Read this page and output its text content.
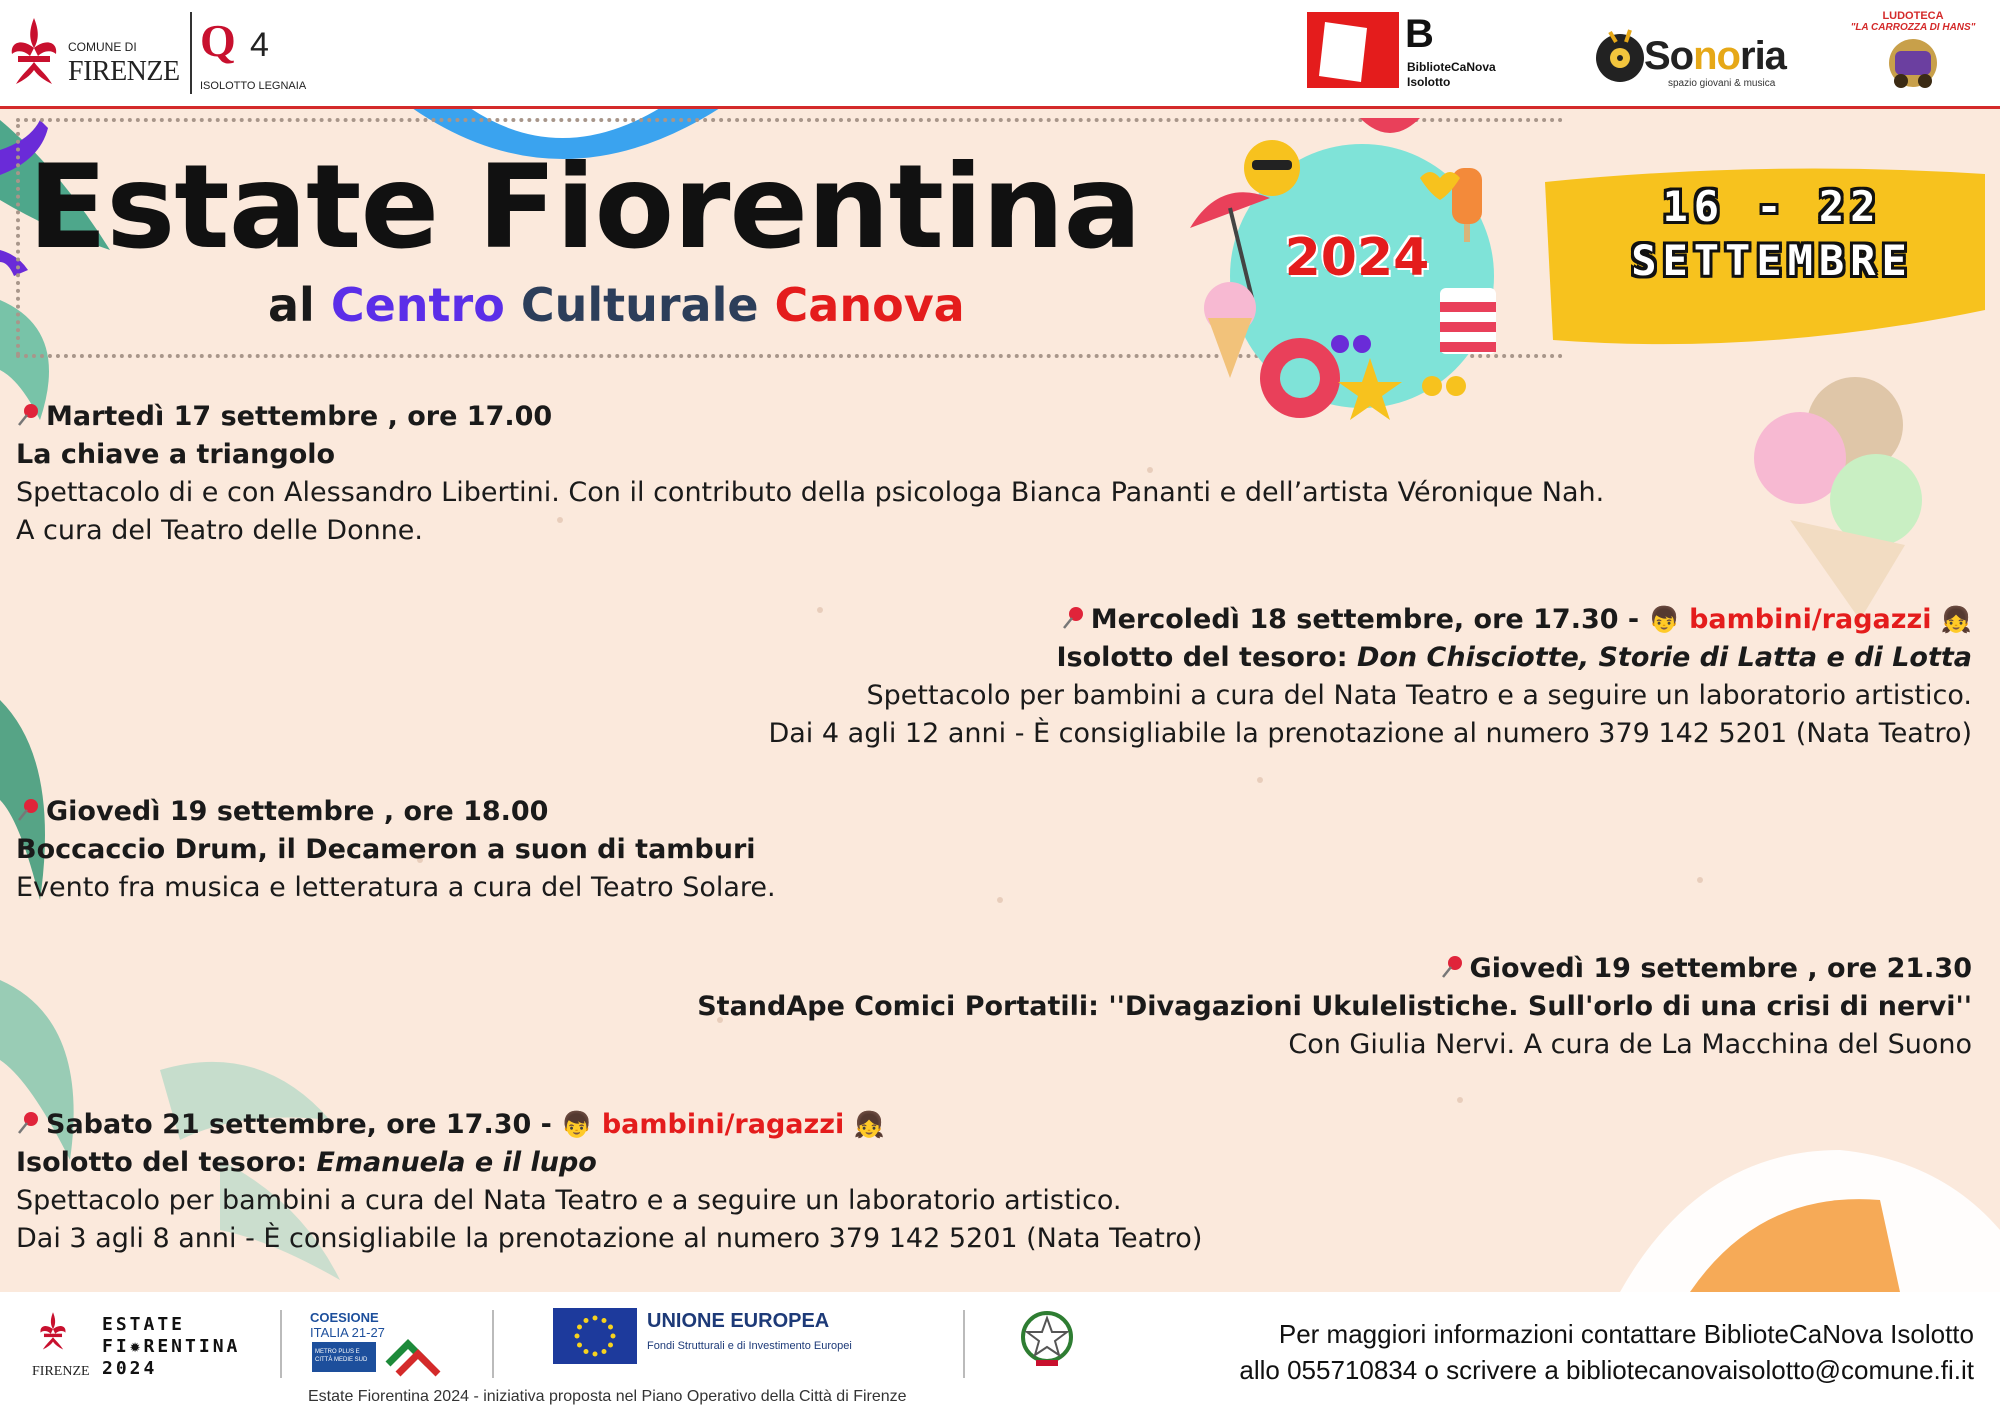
COMUNE DI
FIRENZE
Q 4
ISOLOTTO LEGNAIA
B
BiblioteCaNova
Isolotto
Sonoria
spazio giovani & musica
LUDOTECA
"LA CARROZZA DI HANS"
Estate Fiorentina
al Centro Culturale Canova
2024
16 - 22
SETTEMBRE
Martedì 17 settembre , ore 17.00
La chiave a triangolo
Spettacolo di e con Alessandro Libertini. Con il contributo della psicologa Bianca Pananti e dell’artista Véronique Nah.
A cura del Teatro delle Donne.
Mercoledì 18 settembre, ore 17.30 - 👦 bambini/ragazzi 👧
Isolotto del tesoro: Don Chisciotte, Storie di Latta e di Lotta
Spettacolo per bambini a cura del Nata Teatro e a seguire un laboratorio artistico.
Dai 4 agli 12 anni - È consigliabile la prenotazione al numero 379 142 5201 (Nata Teatro)
Giovedì 19 settembre , ore 18.00
Boccaccio Drum, il Decameron a suon di tamburi
Evento fra musica e letteratura a cura del Teatro Solare.
Giovedì 19 settembre , ore 21.30
StandApe Comici Portatili: ''Divagazioni Ukulelistiche. Sull'orlo di una crisi di nervi''
Con Giulia Nervi. A cura de La Macchina del Suono
Sabato 21 settembre, ore 17.30 - 👦 bambini/ragazzi 👧
Isolotto del tesoro: Emanuela e il lupo
Spettacolo per bambini a cura del Nata Teatro e a seguire un laboratorio artistico.
Dai 3 agli 8 anni - È consigliabile la prenotazione al numero 379 142 5201 (Nata Teatro)
FIRENZE
ESTATE
FI✹RENTINA
2024
COESIONE
ITALIA 21-27
METRO PLUS E CITTÀ MEDIE SUD
UNIONE EUROPEA
Fondi Strutturali e di Investimento Europei	Per maggiori informazioni contattare BiblioteCaNova Isolotto
allo 055710834 o scrivere a bibliotecanovaisolotto@comune.fi.it
Estate Fiorentina 2024 - iniziativa proposta nel Piano Operativo della Città di Firenze
